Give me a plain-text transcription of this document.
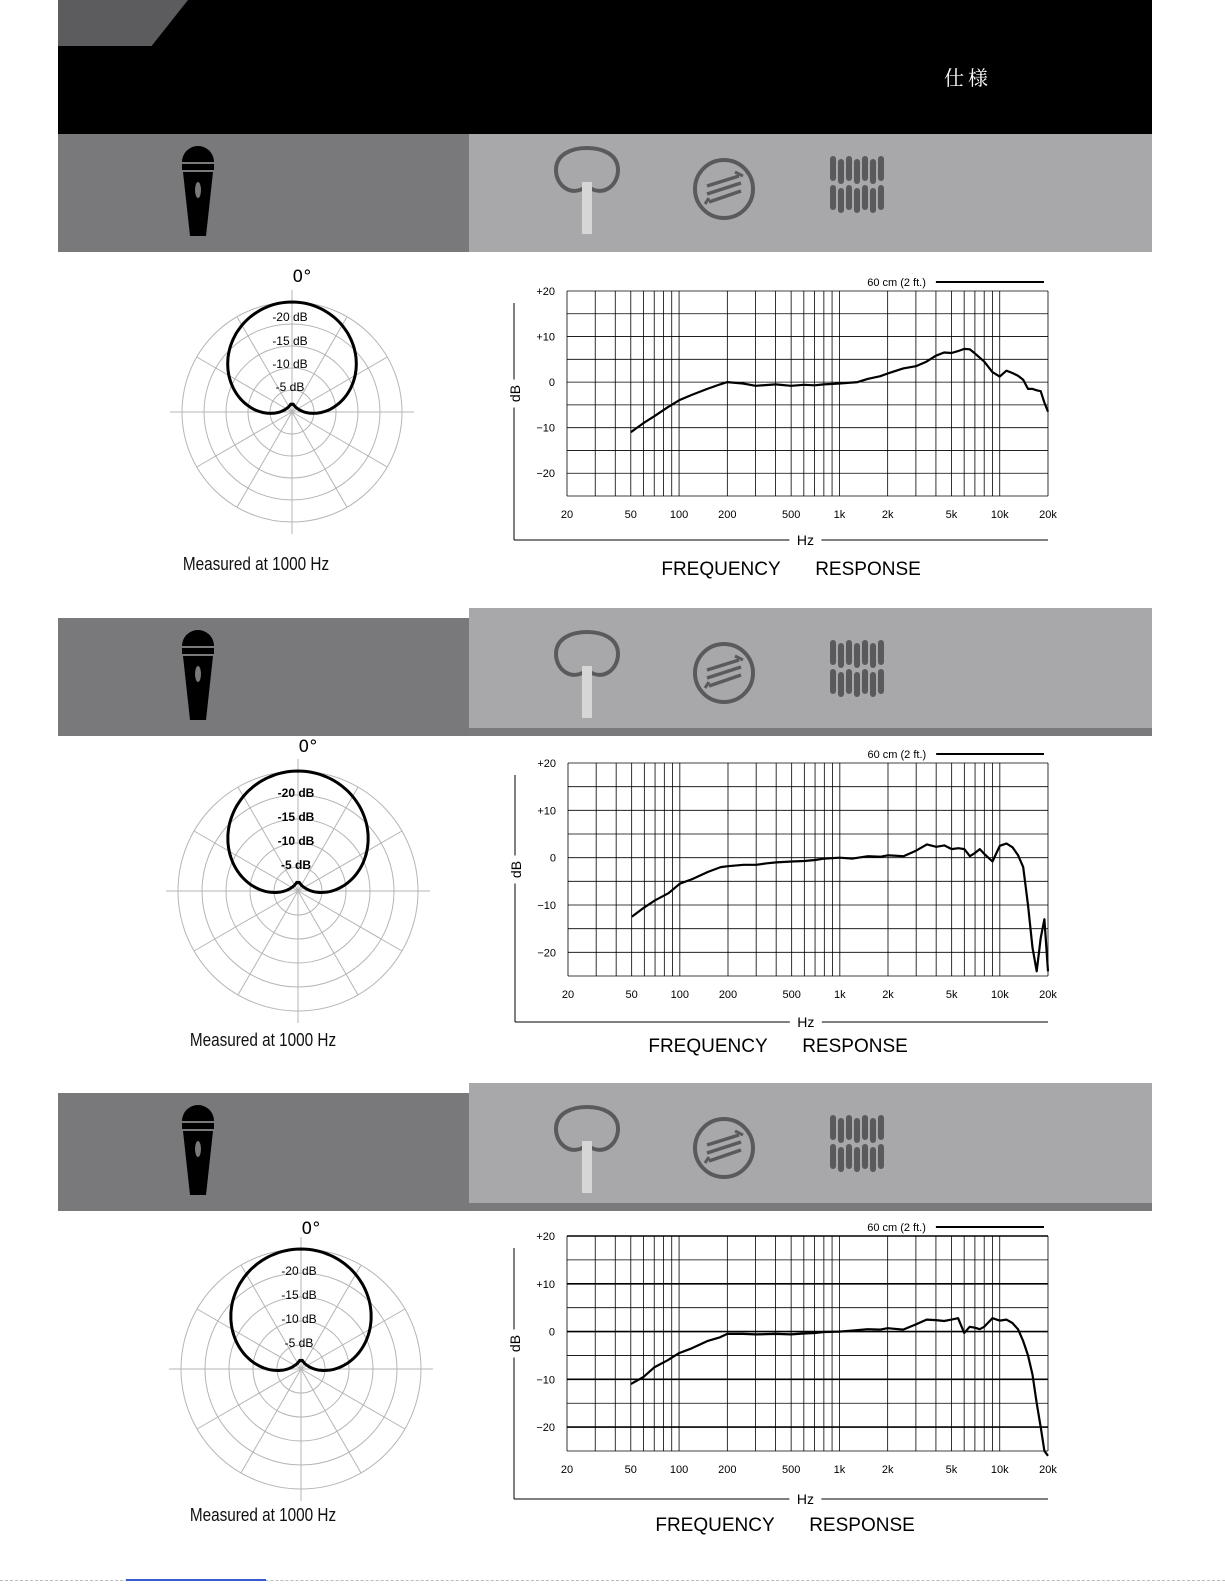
仕様
0°
-20 dB
-15 dB
-10 dB
-5 dB
Measured at 1000 Hz
+20
+10
0
−10
−20
20	50	100	200	500	1k	2k	5k	10k	20k
dB
Hz
60 cm (2 ft.)
FREQUENCY RESPONSE
0°
-20 dB
-15 dB
-10 dB
-5 dB
Measured at 1000 Hz
+20
+10
0
−10
−20
20	50	100	200	500	1k	2k	5k	10k	20k
dB
Hz
60 cm (2 ft.)
FREQUENCY RESPONSE
0°
-20 dB
-15 dB
-10 dB
-5 dB
Measured at 1000 Hz
+20
+10
0
−10
−20
20	50	100	200	500	1k	2k	5k	10k	20k
dB
Hz
60 cm (2 ft.)
FREQUENCY RESPONSE
